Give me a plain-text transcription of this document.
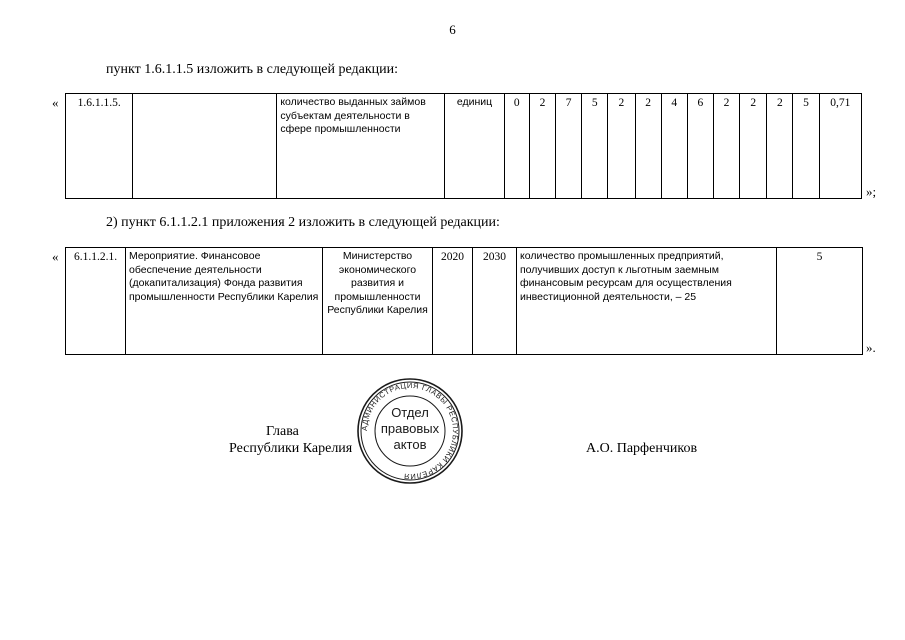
6
пункт 1.6.1.1.5 изложить в следующей редакции:
« 1.6.1.1.5.		количество выданных займов субъектам деятельности в сфере промышленности	единиц	0	2	7	5	2	2	4	6	2	2	2	5	0,71
»;
2) пункт 6.1.1.2.1 приложения 2 изложить в следующей редакции:
« 6.1.1.2.1.	Мероприятие. Финансовое обеспечение деятельности (докапитализация) Фонда развития промышленности Республики Карелия	Министерство экономического развития и промышленности Республики Карелия	2020	2030	количество промышленных предприятий, получивших доступ к льготным заемным финансовым ресурсам для осуществления инвестиционной деятельности, – 25	5
».
Глава
Республики Карелия	А.О. Парфенчиков
АДМИНИСТРАЦИЯ ГЛАВЫ РЕСПУБЛИКИ КАРЕЛИЯ
Отдел
правовых
актов
